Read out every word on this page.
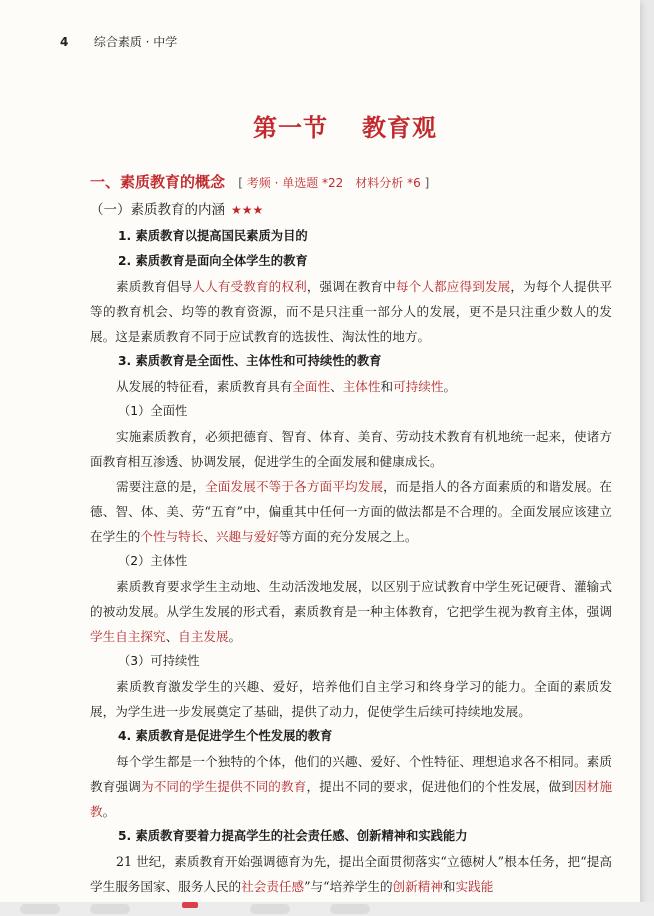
4 综合素质 · 中学
第一节 教育观
一、素质教育的概念 [ 考频 · 单选题 *22　材料分析 *6 ]
（一）素质教育的内涵 ★★★
1. 素质教育以提高国民素质为目的
2. 素质教育是面向全体学生的教育
素质教育倡导人人有受教育的权利，强调在教育中每个人都应得到发展，为每个人提供平等的教育机会、均等的教育资源，而不是只注重一部分人的发展，更不是只注重少数人的发展。这是素质教育不同于应试教育的选拔性、淘汰性的地方。
3. 素质教育是全面性、主体性和可持续性的教育
从发展的特征看，素质教育具有全面性、主体性和可持续性。
（1）全面性
实施素质教育，必须把德育、智育、体育、美育、劳动技术教育有机地统一起来，使诸方面教育相互渗透、协调发展，促进学生的全面发展和健康成长。
需要注意的是，全面发展不等于各方面平均发展，而是指人的各方面素质的和谐发展。在德、智、体、美、劳“五育”中，偏重其中任何一方面的做法都是不合理的。全面发展应该建立在学生的个性与特长、兴趣与爱好等方面的充分发展之上。
（2）主体性
素质教育要求学生主动地、生动活泼地发展，以区别于应试教育中学生死记硬背、灌输式的被动发展。从学生发展的形式看，素质教育是一种主体教育，它把学生视为教育主体，强调学生自主探究、自主发展。
（3）可持续性
素质教育激发学生的兴趣、爱好，培养他们自主学习和终身学习的能力。全面的素质发展，为学生进一步发展奠定了基础，提供了动力，促使学生后续可持续地发展。
4. 素质教育是促进学生个性发展的教育
每个学生都是一个独特的个体，他们的兴趣、爱好、个性特征、理想追求各不相同。素质教育强调为不同的学生提供不同的教育，提出不同的要求，促进他们的个性发展，做到因材施教。
5. 素质教育要着力提高学生的社会责任感、创新精神和实践能力
21 世纪，素质教育开始强调德育为先，提出全面贯彻落实“立德树人”根本任务，把“提高学生服务国家、服务人民的社会责任感”与“培养学生的创新精神和实践能
